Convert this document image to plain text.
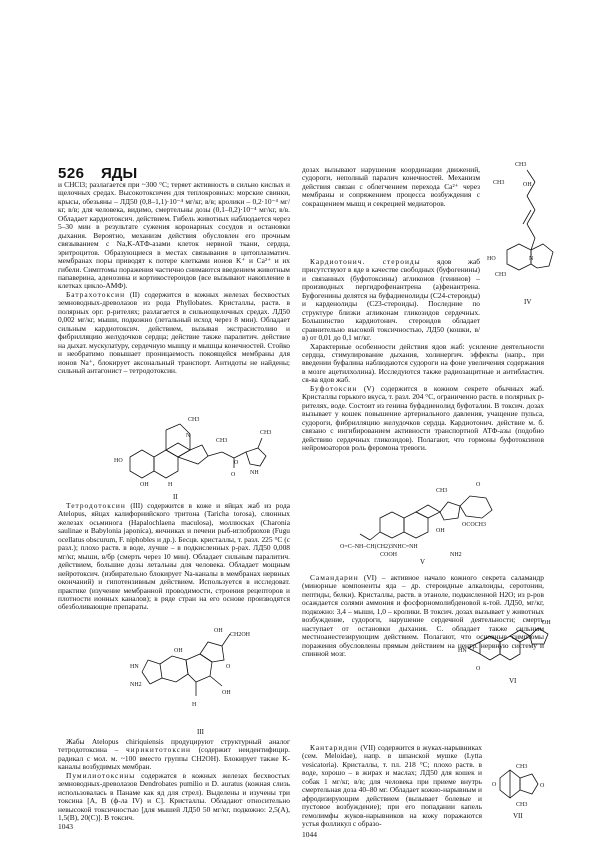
526 ЯДЫ

и CHCl3; разлагается при ~300 °С; теряет активность в сильно кислых и щелочных средах. Высокотоксичен для теплокровных: морские свинки, крысы, обезьяны – ЛД50 (0,8–1,1)·10⁻⁴ мг/кг, в/в; кролики – 0,2·10⁻⁴ мг/кг, в/в; для человека, видимо, смертельны дозы (0,1–0,2)·10⁻⁴ мг/кг, в/в. Обладает кардиотоксич. действием. Гибель животных наблюдается через 5–30 мин в результате сужения коронарных сосудов и остановки дыхания. Вероятно, механизм действия обусловлен его прочным связыванием с Na,K-АТФ-азами клеток нервной ткани, сердца, эритроцитов. Образующиеся в местах связывания в цитоплазматич. мембранах поры приводят к потере клетками ионов K⁺ и Ca²⁺ и их гибели. Симптомы поражения частично снимаются введением животным папаверина, аденозина и кортикостероидов (все вызывают накопление в клетках цикло-АМФ).

Батрахотоксин (II) содержится в кожных железах бесхвостых земноводных-древолазов из рода Phyllobates. Кристаллы, раств. в полярных орг. р-рителях; разлагается в сильнощелочных средах. ЛД50 0,002 мг/кг, мыши, подкожно (летальный исход через 8 мин). Обладает сильным кардиотоксич. действием, вызывая экстрасистолию и фибрилляцию желудочков сердца; действие также паралитич. действие на дыхат. мускулатуру, сердечную мышцу и мышцы конечностей. Стойко и необратимо повышает проницаемость покоящейся мембраны для ионов Na⁺, блокирует аксональный транспорт. Антидоты не найдены; сильный антагонист – тетродотоксин.

CH3
N
HO
CH3
O
O
CH3
NH
OH	H
II

Тетродотоксин (III) содержится в коже и яйцах жаб из рода Atelopus, яйцах калифорнийского тритона (Taricha torosa), слюнных железах осьминога (Hapalochlaena maculosa), моллюсках (Charonia saulinae и Babylonia japonica), яичниках и печени рыб-иглобрюхов (Fugu ocellatus obscurum, F. niphobles и др.). Бесцв. кристаллы, т. разл. 225 °С (с разл.); плохо раств. в воде, лучше – в подкисленных р-рах. ЛД50 0,008 мг/кг, мыши, в/бр (смерть через 10 мин). Обладает сильным паралитич. действием, большие дозы летальны для человека. Обладает мощным нейротоксич. (избирательно блокирует Na-каналы в мембранах нервных окончаний) и гипотензивным действием. Используется в исследоват. практике (изучение мембранной проводимости, строения рецепторов и плотности ионных каналов); в ряде стран на его основе производятся обезболивающие препараты.

OH
CH2OH
HN
NH2
OH
OH
H
O
III

Жабы Atelopus chiriquiensis продуцируют структурный аналог тетродотоксина – чирикитотоксин (содержит неидентифицир. радикал с мол. м. ~100 вместо группы CH2OH). Блокирует также K-каналы возбудимых мембран.

Пумилиотоксины содержатся в кожных железах бесхвостых земноводных-древолазов Dendrobates pumilio и D. auratus (кожная слизь использовалась в Панаме как яд для стрел). Выделены и изучены три токсина [A, B (ф-ла IV) и C]. Кристаллы. Обладают относительно невысокой токсичностью [для мышей ЛД50 50 мг/кг, подкожно: 2,5(A), 1,5(B), 20(C)]. В токсич.

дозах вызывают нарушения координации движений, судороги, неполный паралич конечностей. Механизм действия связан с облегчением перехода Ca²⁺ через мембраны и сопряжением процесса возбуждения с сокращением мышц и секрецией медиаторов.

CH3
CH3	OH
HO
CH3
N
IV

Кардиотонич. стероиды ядов жаб присутствуют в яде в качестве свободных (буфогенины) и связанных (буфотоксины) агликонов (генинов) – производных пергидрофенантрена (a)фенантрена. Буфогенины делятся на буфадиенолиды (C24-стероиды) и карденолиды (C23-стероиды). Последние по структуре близки агликонам гликозидов сердечных. Большинство кардиотонич. стероидов обладает сравнительно высокой токсичностью, ЛД50 (кошки, в/в) от 0,01 до 0,1 мг/кг.

Характерные особенности действия ядов жаб: усиление деятельности сердца, стимулирование дыхания, холинергич. эффекты (напр., при введении буфалина наблюдаются судороги на фоне увеличения содержания в мозге ацетилхолина). Исследуются также радиозащитные и антибластич. св-ва ядов жаб.

Буфотоксин (V) содержится в кожном секрете обычных жаб. Кристаллы горького вкуса, т. разл. 204 °С, ограниченно раств. в полярных р-рителях, воде. Состоит из генина буфадиенолид буфоталин. В токсич. дозах вызывает у кошек повышение артериального давления, учащение пульса, судороги, фибрилляцию желудочков сердца. Кардиотонич. действие м. б. связано с ингибированием активности транспортной АТФ-азы (подобно действию сердечных гликозидов). Полагают, что гормоны буфотоксинов нейромоаторов роль феромона тревоги.

CH3
O
OCOCH3
OH
O=C–NH–CH(CH2)3NHC=NH
COOH	NH2
V

Самандарин (VI) – активное начало кожного секрета саламандр (минорные компоненты яда – др. стероидные алкалоиды, серотонин, пептиды, белки). Кристаллы, раств. в этаноле, подкисленной H2O; из р-ров осаждается солями аммония и фосфорномолибденовой к-той. ЛД50, мг/кг, подкожно: 3,4 – мыши, 1,0 – кролики. В токсич. дозах вызывает у животных возбуждение, судороги, нарушение сердечной деятельности; смерть наступает от остановки дыхания. С. обладает также сильным местноанестезирующим действием. Полагают, что основные симптомы поражения обусловлены прямым действием на центр. нервную систему и спинной мозг.

OH
HN
O
VI

Кантаридин (VII) содержится в жуках-нарывниках (сем. Meloidae), напр. в шпанской мушке (Lytta vesicatoria). Кристаллы, т. пл. 218 °С; плохо раств. в воде, хорошо – в жирах и маслах; ЛД50 для кошек и собак 1 мг/кг, в/в; для человека при приеме внутрь смертельная доза 40–80 мг. Обладает кожно-нарывным и афродизирующим действием (вызывает болевые и пустовое возбуждение); при его попадании капель гемолимфы жуков-нарывников на кожу поражаются устья фолликул с образо-

CH3
O
CH3
O
VII
1043
1044
